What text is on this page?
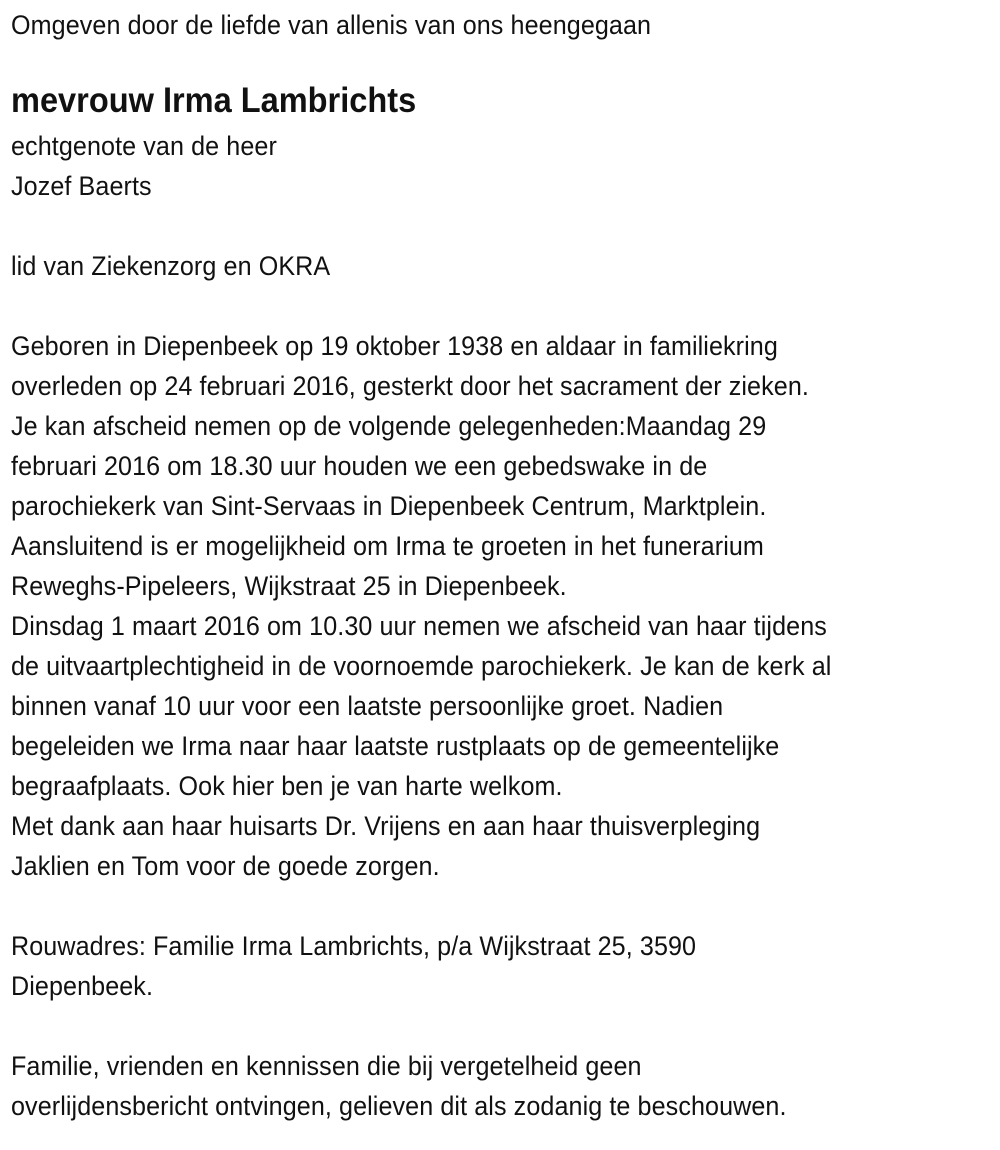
Omgeven door de liefde van allenis van ons heengegaan
mevrouw Irma Lambrichts
echtgenote van de heer
Jozef Baerts
lid van Ziekenzorg en OKRA
Geboren in Diepenbeek op 19 oktober 1938 en aldaar in familiekring
overleden op 24 februari 2016, gesterkt door het sacrament der zieken.
Je kan afscheid nemen op de volgende gelegenheden:Maandag 29
februari 2016 om 18.30 uur houden we een gebedswake in de
parochiekerk van Sint-Servaas in Diepenbeek Centrum, Marktplein.
Aansluitend is er mogelijkheid om Irma te groeten in het funerarium
Reweghs-Pipeleers, Wijkstraat 25 in Diepenbeek.
Dinsdag 1 maart 2016 om 10.30 uur nemen we afscheid van haar tijdens
de uitvaartplechtigheid in de voornoemde parochiekerk. Je kan de kerk al
binnen vanaf 10 uur voor een laatste persoonlijke groet. Nadien
begeleiden we Irma naar haar laatste rustplaats op de gemeentelijke
begraafplaats. Ook hier ben je van harte welkom.
Met dank aan haar huisarts Dr. Vrijens en aan haar thuisverpleging
Jaklien en Tom voor de goede zorgen.
Rouwadres: Familie Irma Lambrichts, p/a Wijkstraat 25, 3590
Diepenbeek.
Familie, vrienden en kennissen die bij vergetelheid geen
overlijdensbericht ontvingen, gelieven dit als zodanig te beschouwen.
